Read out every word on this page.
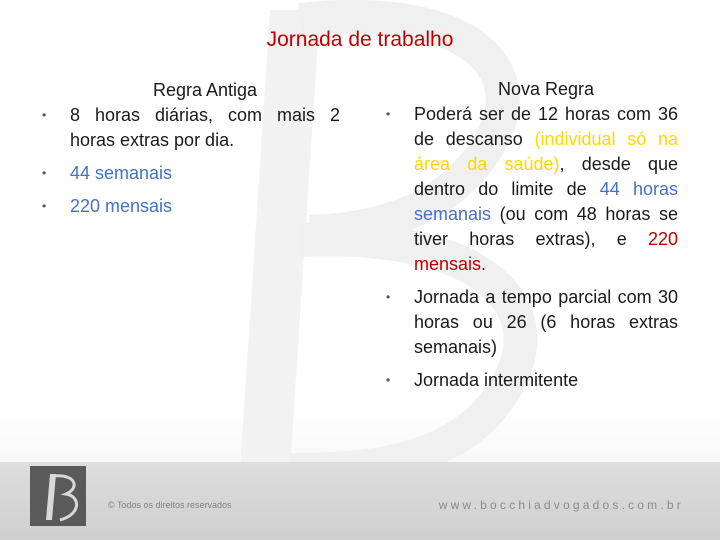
Jornada de trabalho
Regra Antiga
• 8 horas diárias, com mais 2 horas extras por dia.
• 44 semanais
• 220 mensais
Nova Regra
• Poderá ser de 12 horas com 36 de descanso (individual só na área da saúde), desde que dentro do limite de 44 horas semanais (ou com 48 horas se tiver horas extras), e 220 mensais.
• Jornada a tempo parcial com 30 horas ou 26 (6 horas extras semanais)
• Jornada intermitente
© Todos os direitos reservados	www.bocchiadvogados.com.br
